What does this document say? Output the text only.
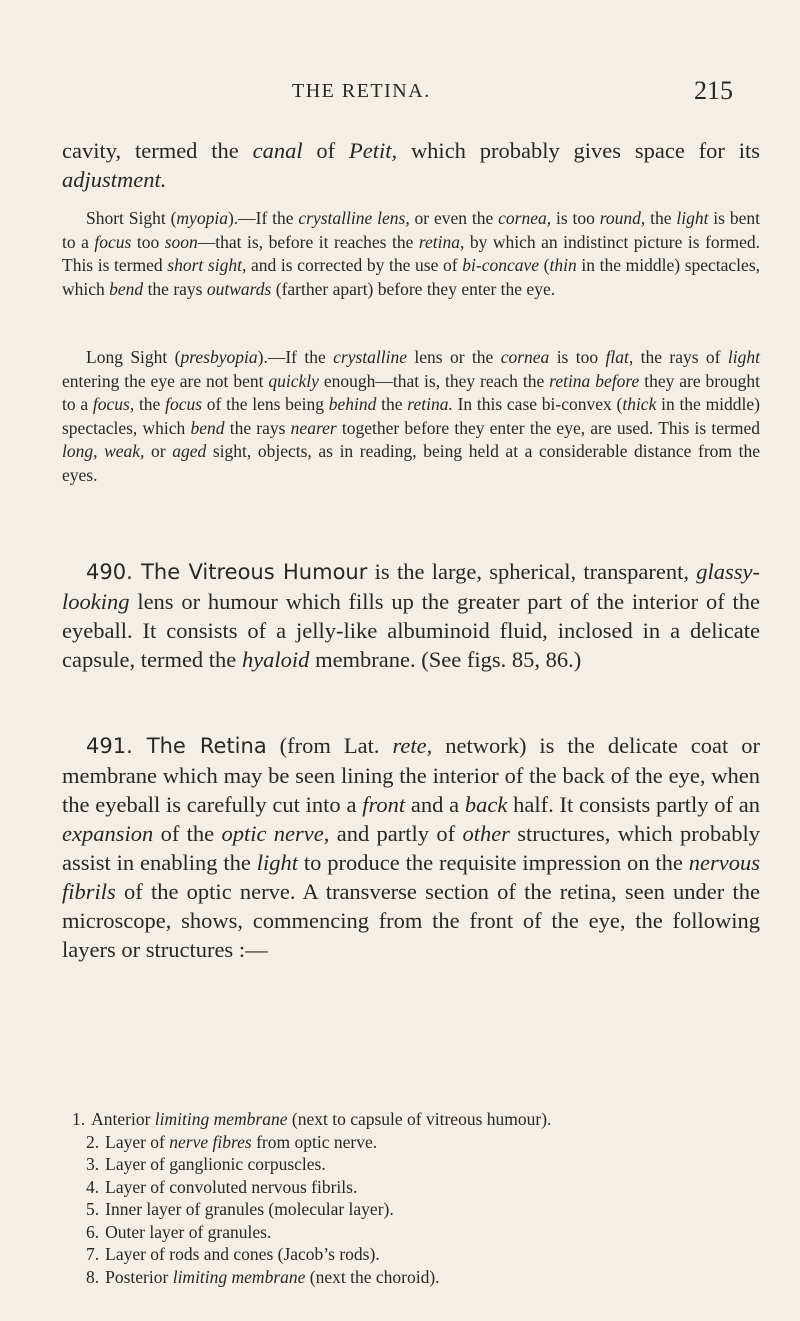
THE RETINA.	215

cavity, termed the canal of Petit, which probably gives space for its adjustment.

Short Sight (myopia).—If the crystalline lens, or even the cornea, is too round, the light is bent to a focus too soon—that is, before it reaches the retina, by which an indistinct picture is formed. This is termed short sight, and is corrected by the use of bi-concave (thin in the middle) spectacles, which bend the rays outwards (farther apart) before they enter the eye.

Long Sight (presbyopia).—If the crystalline lens or the cornea is too flat, the rays of light entering the eye are not bent quickly enough—that is, they reach the retina before they are brought to a focus, the focus of the lens being behind the retina. In this case bi-convex (thick in the middle) spectacles, which bend the rays nearer together before they enter the eye, are used. This is termed long, weak, or aged sight, objects, as in reading, being held at a considerable distance from the eyes.

490. The Vitreous Humour is the large, spherical, transparent, glassy-looking lens or humour which fills up the greater part of the interior of the eyeball. It consists of a jelly-like albuminoid fluid, inclosed in a delicate capsule, termed the hyaloid membrane. (See figs. 85, 86.)

491. The Retina (from Lat. rete, network) is the delicate coat or membrane which may be seen lining the interior of the back of the eye, when the eyeball is carefully cut into a front and a back half. It consists partly of an expansion of the optic nerve, and partly of other structures, which probably assist in enabling the light to produce the requisite impression on the nervous fibrils of the optic nerve. A transverse section of the retina, seen under the microscope, shows, commencing from the front of the eye, the following layers or structures :—

1. Anterior limiting membrane (next to capsule of vitreous humour).
2. Layer of nerve fibres from optic nerve.
3. Layer of ganglionic corpuscles.
4. Layer of convoluted nervous fibrils.
5. Inner layer of granules (molecular layer).
6. Outer layer of granules.
7. Layer of rods and cones (Jacob’s rods).
8. Posterior limiting membrane (next the choroid).
